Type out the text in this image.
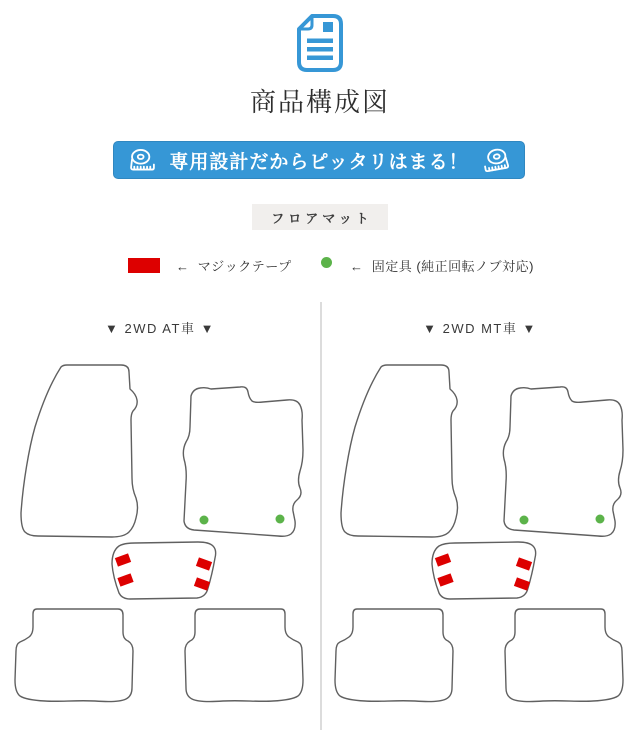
商品構成図
専用設計だからピッタリはまる！
フロアマット
← マジックテープ	← 固定具 (純正回転ノブ対応)
▼ 2WD AT車 ▼	▼ 2WD MT車 ▼
